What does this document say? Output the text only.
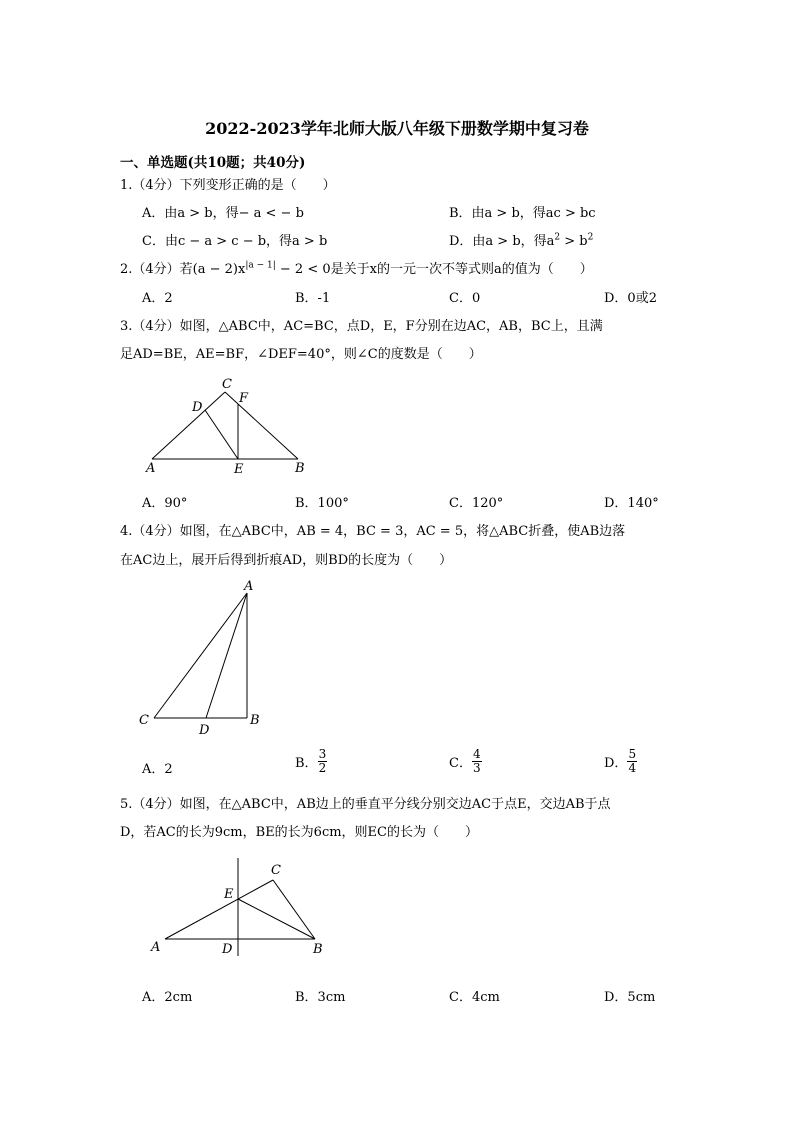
2022-2023学年北师大版八年级下册数学期中复习卷
一、单选题(共10题；共40分)
1.（4分）下列变形正确的是（　　）
A．由a > b，得− a < − b	B．由a > b，得ac > bc
C．由c − a > c − b，得a > b	D．由a > b，得$a^2 > b^2$
2.（4分）若$(a - 2)x^{|a - 1|} - 2 < 0$是关于x的一元一次不等式则a的值为（　　）
A．2	B．-1	C．0	D．0或2
3.（4分）如图，△ABC中，AC=BC，点D，E，F分别在边AC，AB，BC上，且满
足AD=BE，AE=BF，∠DEF=40°，则∠C的度数是（　　）
C
D
F
A	E	B
A．90°	B．100°	C．120°	D．140°
4.（4分）如图，在△ABC中，AB = 4，BC = 3，AC = 5，将△ABC折叠，使AB边落
在AC边上，展开后得到折痕AD，则BD的长度为（　　）
A
C	B
D
A．2	B． $\frac{3}{2}$	C． $\frac{4}{3}$	D． $\frac{5}{4}$
5.（4分）如图，在△ABC中，AB边上的垂直平分线分别交边AC于点E，交边AB于点
D，若AC的长为9cm，BE的长为6cm，则EC的长为（　　）
C
E
A	D	B
A．2cm	B．3cm	C．4cm	D．5cm
